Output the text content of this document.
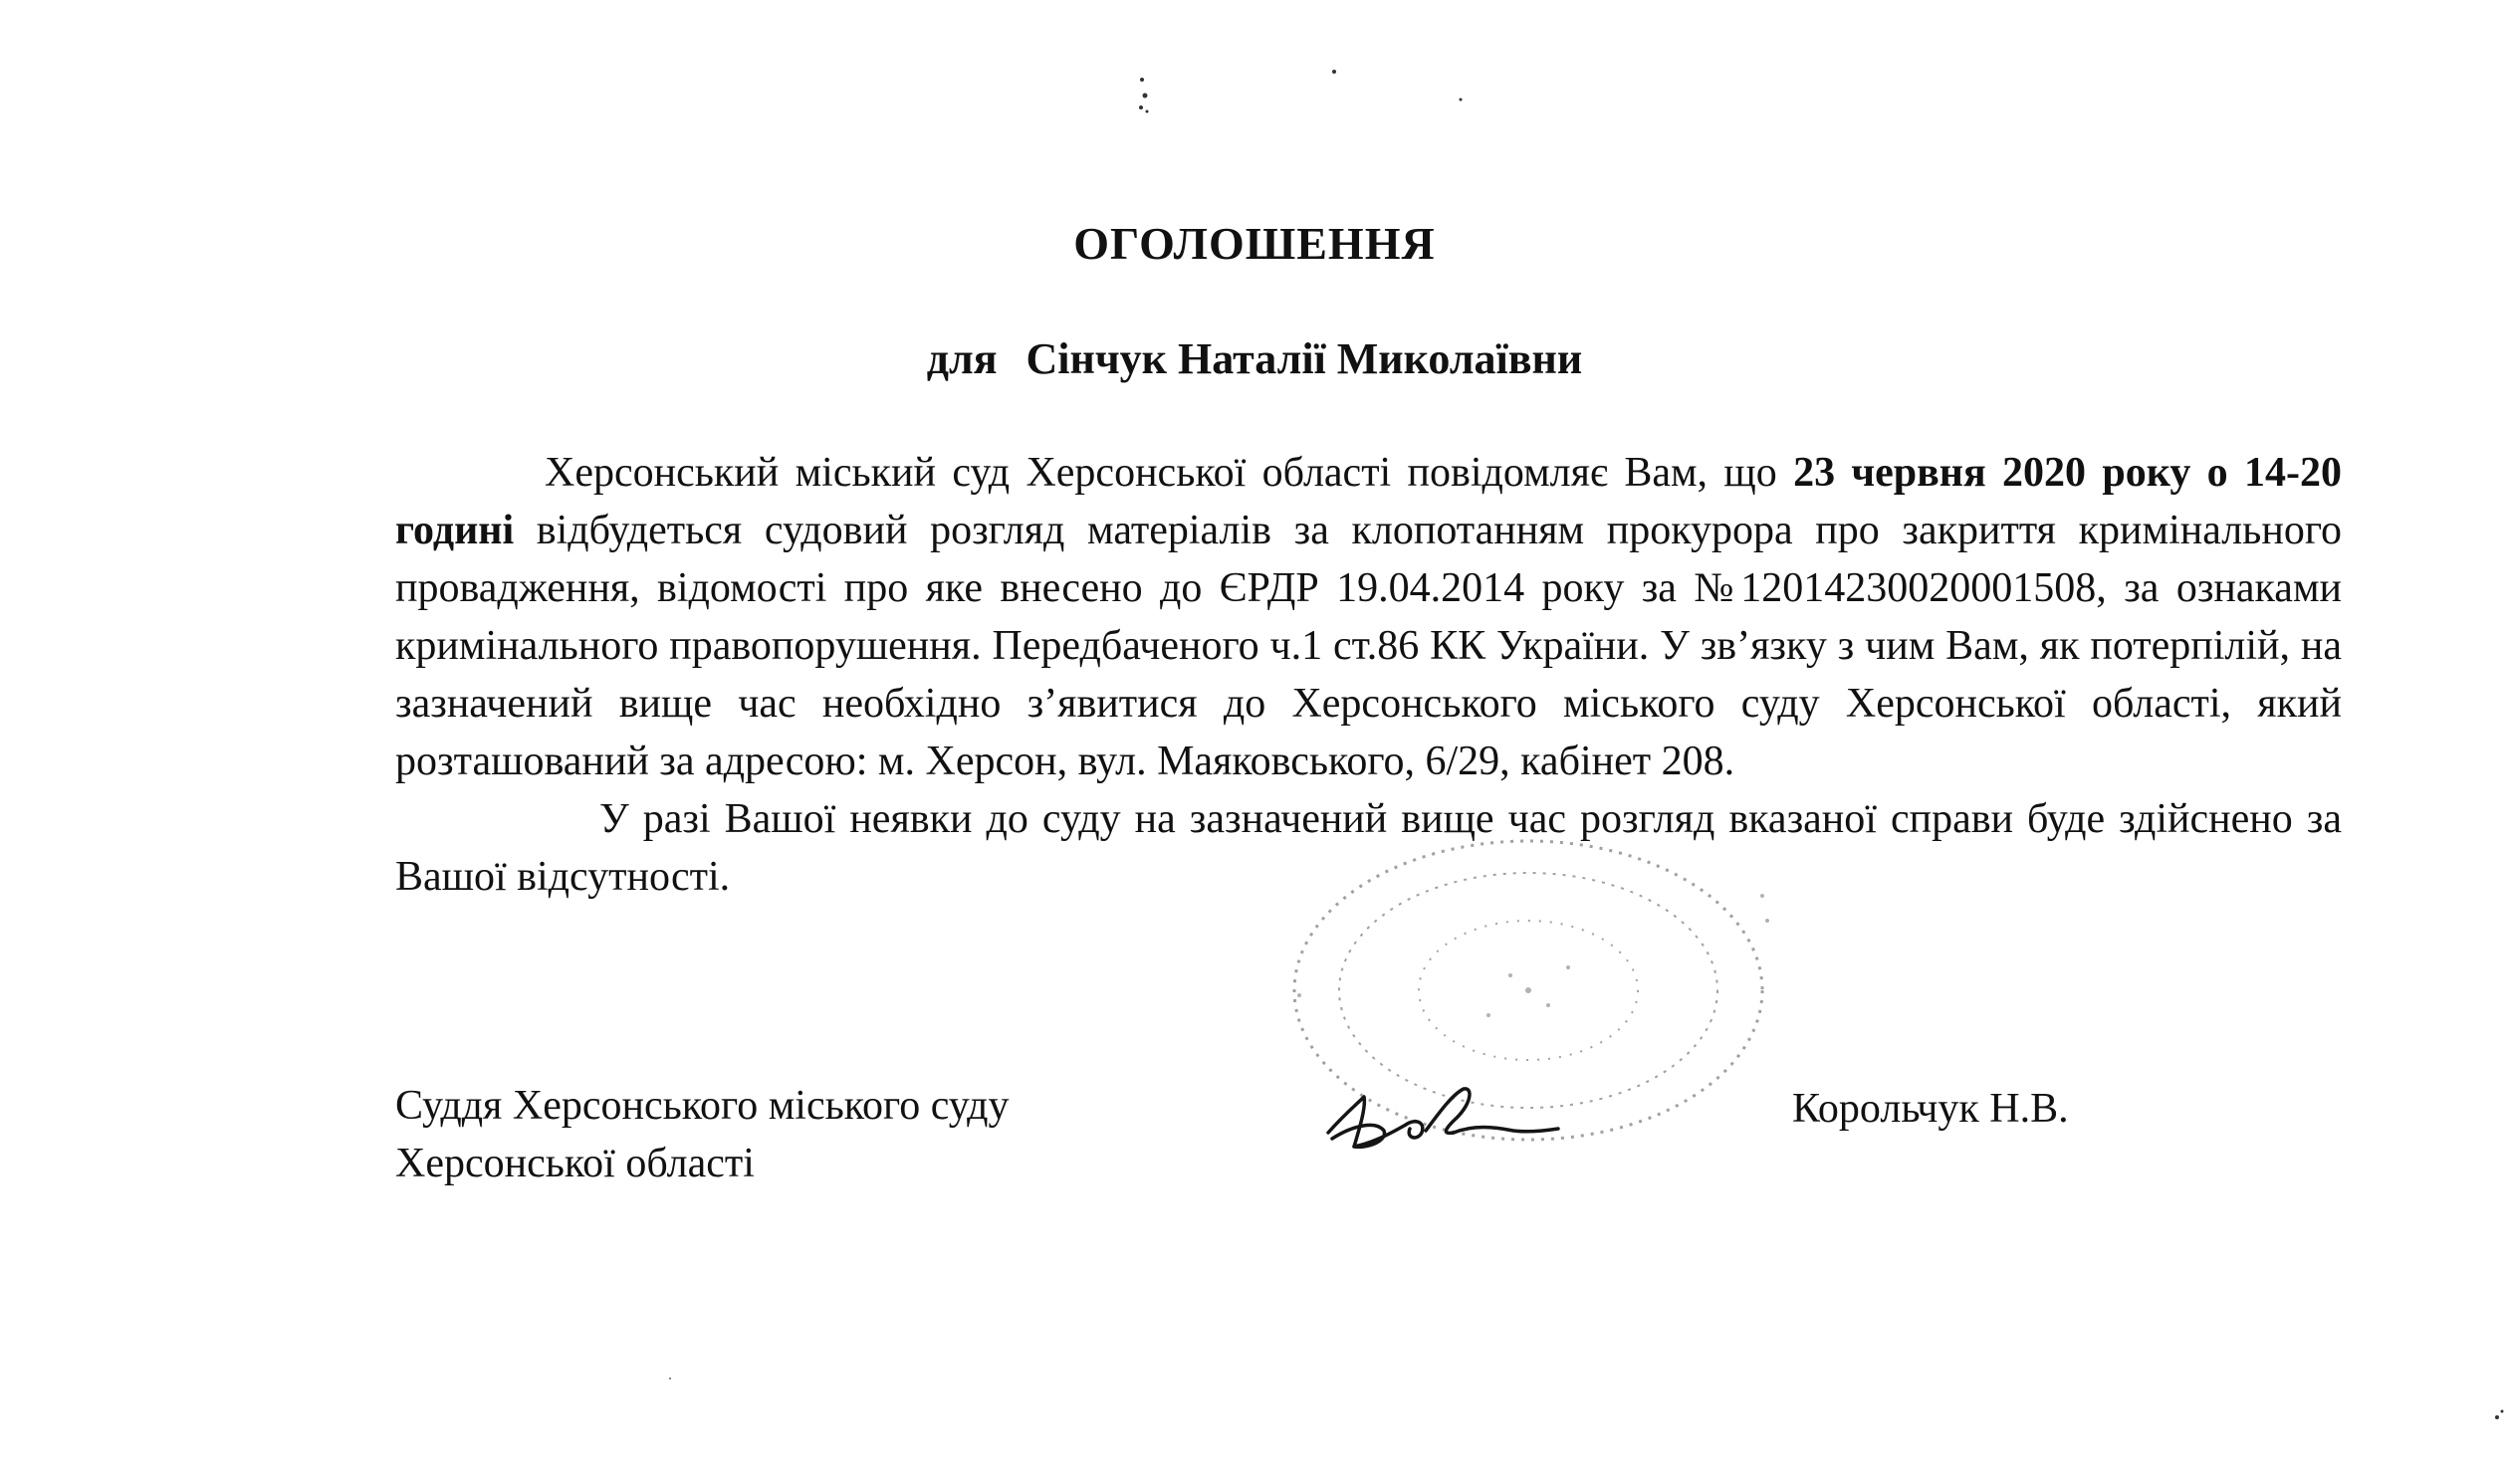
ОГОЛОШЕННЯ
для Сінчук Наталії Миколаївни

Херсонський міський суд Херсонської області повідомляє Вам, що 23 червня 2020 року о 14-20 годині відбудеться судовий розгляд матеріалів за клопотанням прокурора про закриття кримінального провадження, відомості про яке внесено до ЄРДР 19.04.2014 року за №12014230020001508, за ознаками кримінального правопорушення. Передбаченого ч.1 ст.86 КК України. У зв’язку з чим Вам, як потерпілій, на зазначений вище час необхідно з’явитися до Херсонського міського суду Херсонської області, який розташований за адресою: м. Херсон, вул. Маяковського, 6/29, кабінет 208.

У разі Вашої неявки до суду на зазначений вище час розгляд вказаної справи буде здійснено за Вашої відсутності.

Суддя Херсонського міського суду
Херсонської області
Корольчук Н.В.
